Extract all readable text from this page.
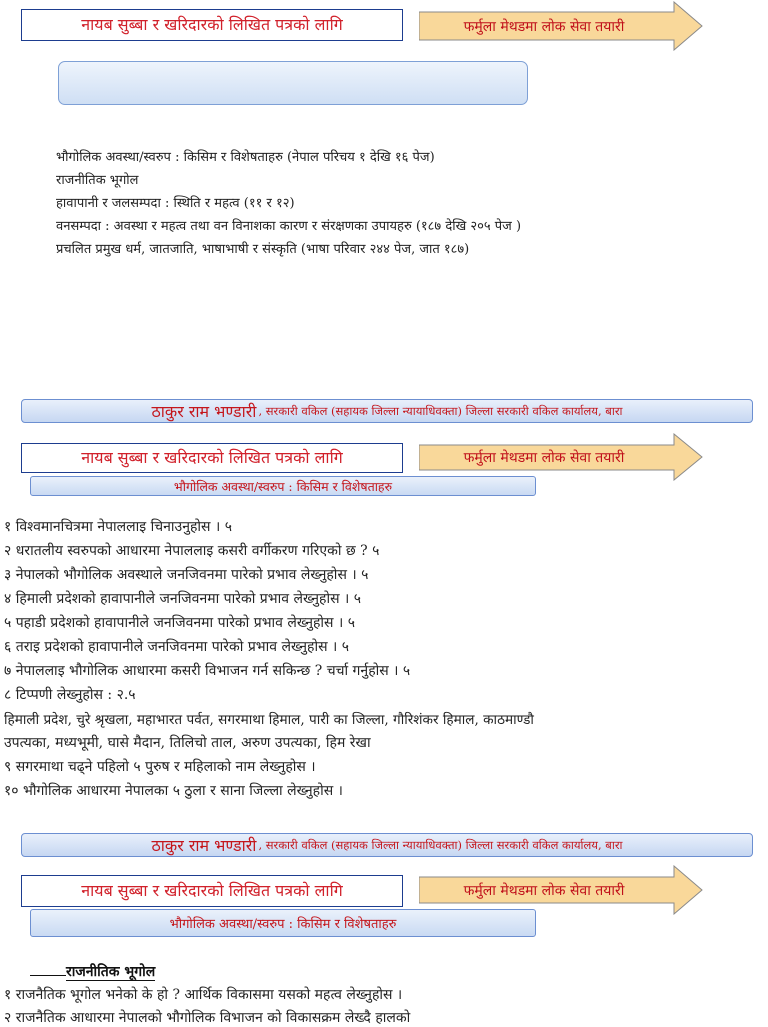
नायब सुब्बा र खरिदारको लिखित पत्रको लागि	फर्मुला मेथडमा लोक सेवा तयारी
भौगोलिक अवस्था/स्वरुप : किसिम र विशेषताहरु (नेपाल परिचय १ देखि १६ पेज)
राजनीतिक भूगोल
हावापानी र जलसम्पदा : स्थिति र महत्व (११ र १२)
वनसम्पदा : अवस्था र महत्व तथा वन विनाशका कारण र संरक्षणका उपायहरु (१८७ देखि २०५ पेज )
प्रचलित प्रमुख धर्म, जातजाति, भाषाभाषी र संस्कृति (भाषा परिवार २४४ पेज, जात १८७)
ठाकुर राम भण्डारी , सरकारी वकिल (सहायक जिल्ला न्यायाधिवक्ता) जिल्ला सरकारी वकिल कार्यालय, बारा
नायब सुब्बा र खरिदारको लिखित पत्रको लागि	फर्मुला मेथडमा लोक सेवा तयारी
भौगोलिक अवस्था/स्वरुप : किसिम र विशेषताहरु
१ विश्वमानचित्रमा नेपाललाइ चिनाउनुहोस । ५
२ धरातलीय स्वरुपको आधारमा नेपाललाइ कसरी वर्गीकरण गरिएको छ ? ५
३ नेपालको भौगोलिक अवस्थाले जनजिवनमा पारेको प्रभाव लेख्नुहोस । ५
४ हिमाली प्रदेशको हावापानीले जनजिवनमा पारेको प्रभाव लेख्नुहोस । ५
५ पहाडी प्रदेशको हावापानीले जनजिवनमा पारेको प्रभाव लेख्नुहोस । ५
६ तराइ प्रदेशको हावापानीले जनजिवनमा पारेको प्रभाव लेख्नुहोस । ५
७ नेपाललाइ भौगोलिक आधारमा कसरी विभाजन गर्न सकिन्छ ? चर्चा गर्नुहोस । ५
८ टिप्पणी लेख्नुहोस : २.५
हिमाली प्रदेश, चुरे श्रृखला, महाभारत पर्वत, सगरमाथा हिमाल, पारी का जिल्ला, गौरिशंकर हिमाल, काठमाण्डौ
उपत्यका, मध्यभूमी, घासे मैदान, तिलिचो ताल, अरुण उपत्यका, हिम रेखा
९ सगरमाथा चढ्ने पहिलो ५ पुरुष र महिलाको नाम लेख्नुहोस ।
१० भौगोलिक आधारमा नेपालका ५ ठुला र साना जिल्ला लेख्नुहोस ।
ठाकुर राम भण्डारी , सरकारी वकिल (सहायक जिल्ला न्यायाधिवक्ता) जिल्ला सरकारी वकिल कार्यालय, बारा
नायब सुब्बा र खरिदारको लिखित पत्रको लागि	फर्मुला मेथडमा लोक सेवा तयारी
भौगोलिक अवस्था/स्वरुप : किसिम र विशेषताहरु
राजनीतिक भूगोल
१ राजनैतिक भूगोल भनेको के हो ? आर्थिक विकासमा यसको महत्व लेख्नुहोस ।
२ राजनैतिक आधारमा नेपालको भौगोलिक विभाजन को विकासक्रम लेख्दै हालको
